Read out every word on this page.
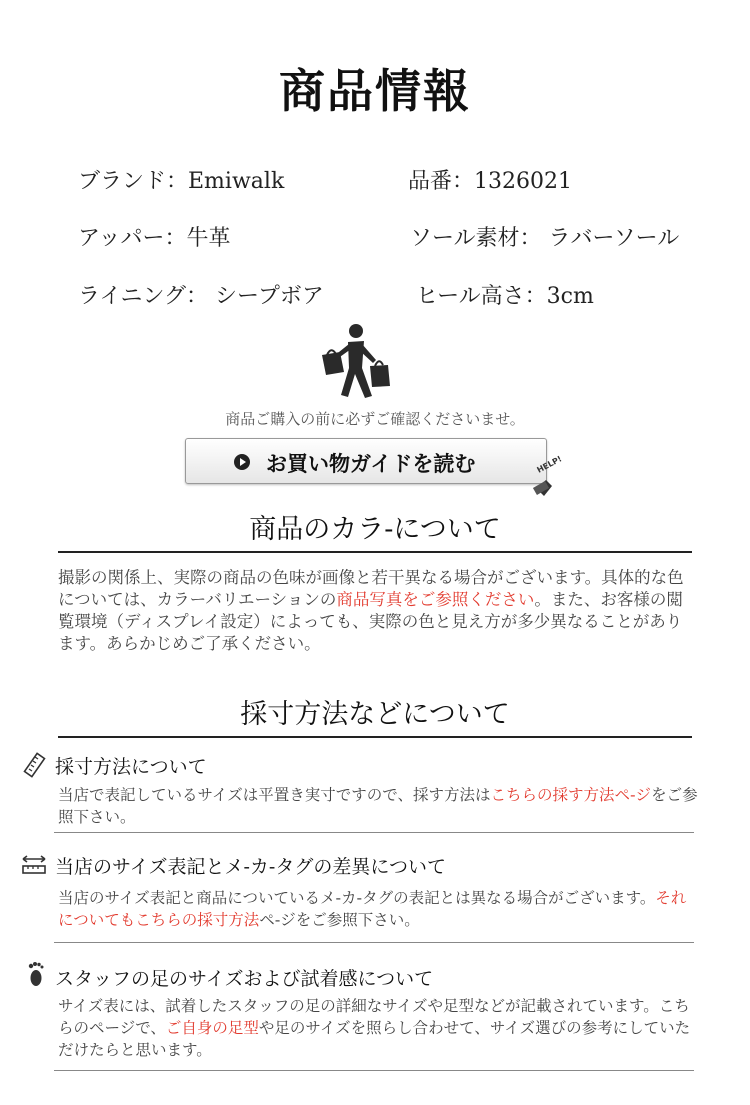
商品情報
ブランド：Emiwalk	品番：1326021
アッパー：牛革	ソール素材： ラバーソール
ライニング： シープボア	ヒール高さ：3cm
商品ご購入の前に必ずご確認くださいませ。
お買い物ガイドを読む	HELP!
商品のカラ-について
撮影の関係上、実際の商品の色味が画像と若干異なる場合がございます。具体的な色については、カラーバリエーションの商品写真をご参照ください。また、お客様の閲覧環境（ディスプレイ設定）によっても、実際の色と見え方が多少異なることがあります。あらかじめご了承ください。
採寸方法などについて
採寸方法について
当店で表記しているサイズは平置き実寸ですので、採す方法はこちらの採す方法ペ-ジをご参照下さい。
当店のサイズ表記とメ-カ-タグの差異について
当店のサイズ表記と商品についているメ-カ-タグの表記とは異なる場合がございます。それについてもこちらの採寸方法ペ-ジをご参照下さい。
スタッフの足のサイズおよび試着感について
サイズ表には、試着したスタッフの足の詳細なサイズや足型などが記載されています。こちらのページで、ご自身の足型や足のサイズを照らし合わせて、サイズ選びの参考にしていただけたらと思います。
